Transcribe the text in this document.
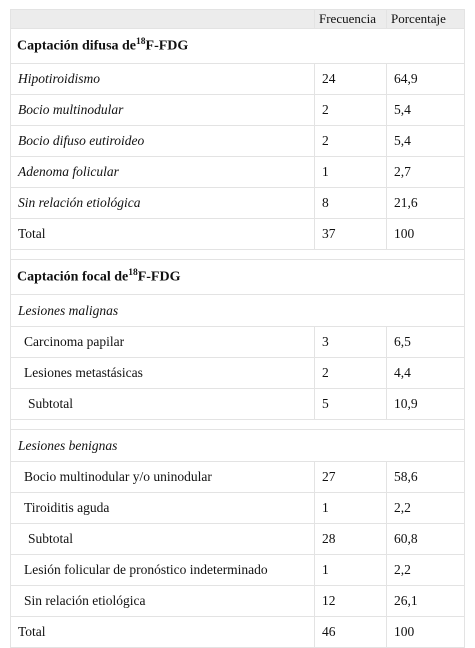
	Frecuencia	Porcentaje
Captación difusa $de^{18}F$-FDG		
Hipotiroidismo	24	64,9
Bocio multinodular	2	5,4
Bocio difuso eutiroideo	2	5,4
Adenoma folicular	1	2,7
Sin relación etiológica	8	21,6
Total	37	100

Captación focal $de^{18}F$-FDG		
Lesiones malignas		
Carcinoma papilar	3	6,5
Lesiones metastásicas	2	4,4
Subtotal	5	10,9

Lesiones benignas		
Bocio multinodular y/o uninodular	27	58,6
Tiroiditis aguda	1	2,2
Subtotal	28	60,8
Lesión folicular de pronóstico indeterminado	1	2,2
Sin relación etiológica	12	26,1
Total	46	100
